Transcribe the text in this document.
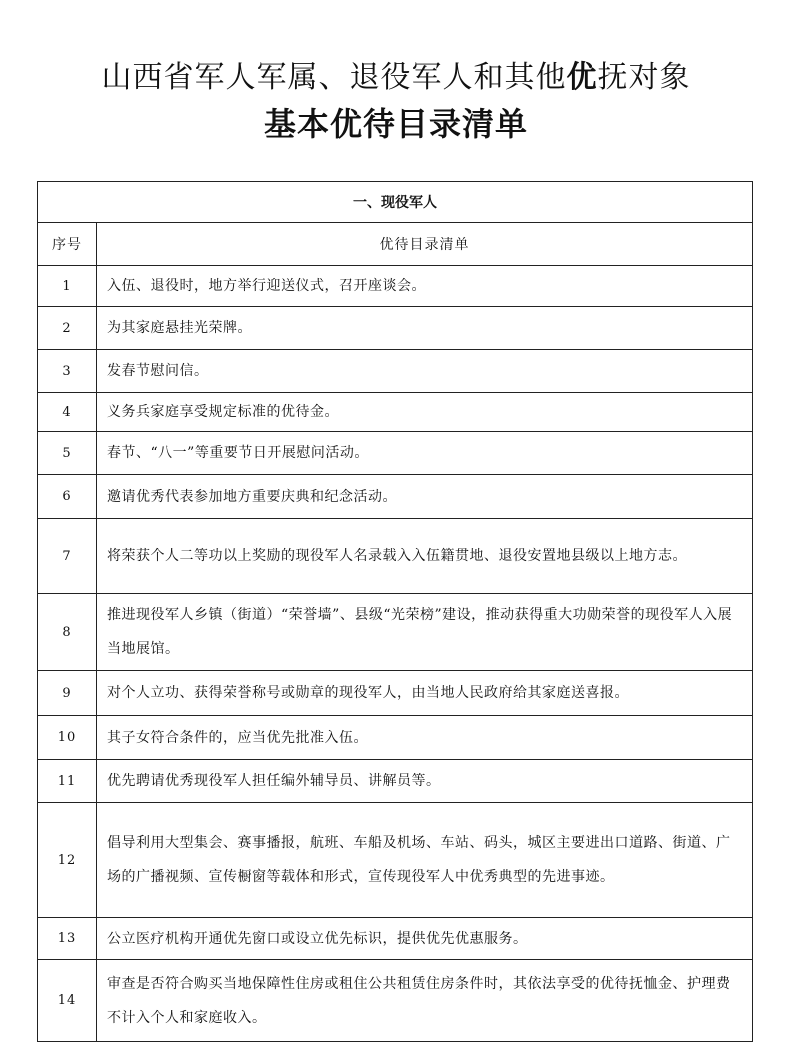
山西省军人军属、退役军人和其他优抚对象
基本优待目录清单
一、现役军人	
序号	优待目录清单
1	入伍、退役时，地方举行迎送仪式，召开座谈会。
2	为其家庭悬挂光荣牌。
3	发春节慰问信。
4	义务兵家庭享受规定标准的优待金。
5	春节、“八一”等重要节日开展慰问活动。
6	邀请优秀代表参加地方重要庆典和纪念活动。
7	将荣获个人二等功以上奖励的现役军人名录载入入伍籍贯地、退役安置地县级以上地方志。
8	推进现役军人乡镇（街道）“荣誉墙”、县级“光荣榜”建设，推动获得重大功勋荣誉的现役军人入展当地展馆。
9	对个人立功、获得荣誉称号或勋章的现役军人，由当地人民政府给其家庭送喜报。
10	其子女符合条件的，应当优先批准入伍。
11	优先聘请优秀现役军人担任编外辅导员、讲解员等。
12	倡导利用大型集会、赛事播报，航班、车船及机场、车站、码头，城区主要进出口道路、街道、广场的广播视频、宣传橱窗等载体和形式，宣传现役军人中优秀典型的先进事迹。
13	公立医疗机构开通优先窗口或设立优先标识，提供优先优惠服务。
14	审查是否符合购买当地保障性住房或租住公共租赁住房条件时，其依法享受的优待抚恤金、护理费不计入个人和家庭收入。
